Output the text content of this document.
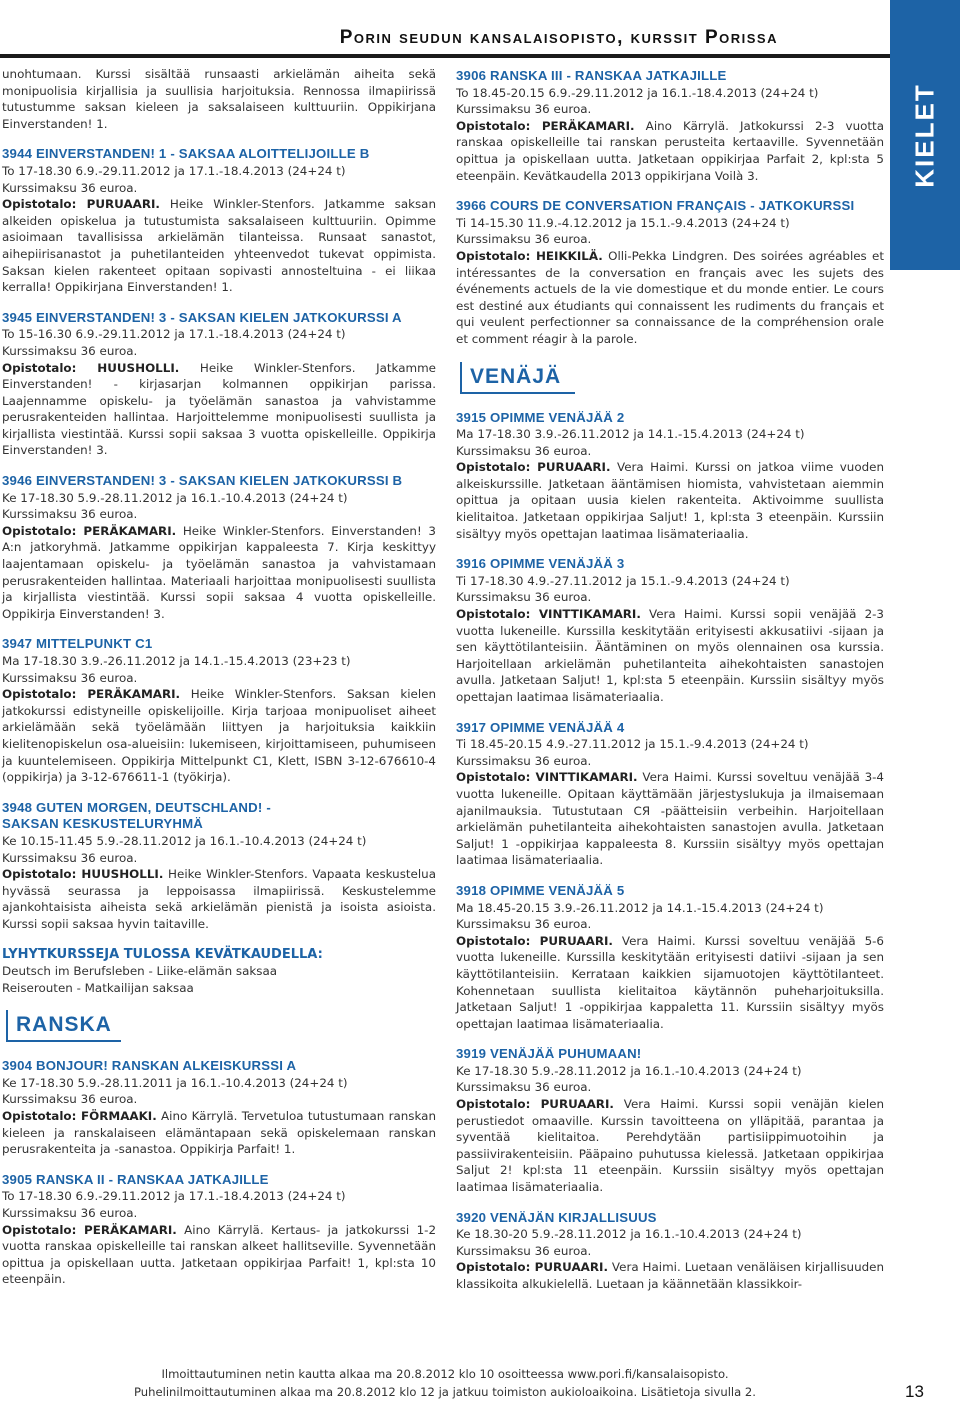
Porin seudun kansalaisopisto, kurssit Porissa
KIELET
unohtumaan. Kurssi sisältää runsaasti arkielämän aiheita sekä monipuolisia kirjallisia ja suullisia harjoituksia. Rennossa ilmapiirissä tutustumme saksan kieleen ja saksalaiseen kulttuuriin. Oppikirjana Einverstanden! 1.
3944 EINVERSTANDEN! 1 - SAKSAA ALOITTELIJOILLE B
To 17-18.30 6.9.-29.11.2012 ja 17.1.-18.4.2013 (24+24 t)
Kurssimaksu 36 euroa.
Opistotalo: PURUAARI. Heike Winkler-Stenfors. Jatkamme saksan alkeiden opiskelua ja tutustumista saksalaiseen kulttuuriin. Opimme asioimaan tavallisissa arkielämän tilanteissa. Runsaat sanastot, aihepiirisanastot ja puhetilanteiden yhteenvedot tukevat oppimista. Saksan kielen rakenteet opitaan sopivasti annosteltuina - ei liikaa kerralla! Oppikirjana Einverstanden! 1.
3945 EINVERSTANDEN! 3 - SAKSAN KIELEN JATKOKURSSI A
To 15-16.30 6.9.-29.11.2012 ja 17.1.-18.4.2013 (24+24 t)
Kurssimaksu 36 euroa.
Opistotalo: HUUSHOLLI. Heike Winkler-Stenfors. Jatkamme Einverstanden! - kirjasarjan kolmannen oppikirjan parissa. Laajennamme opiskelu- ja työelämän sanastoa ja vahvistamme perusrakenteiden hallintaa. Harjoittelemme monipuolisesti suullista ja kirjallista viestintää. Kurssi sopii saksaa 3 vuotta opiskelleille. Oppikirja Einverstanden! 3.
3946 EINVERSTANDEN! 3 - SAKSAN KIELEN JATKOKURSSI B
Ke 17-18.30 5.9.-28.11.2012 ja 16.1.-10.4.2013 (24+24 t)
Kurssimaksu 36 euroa.
Opistotalo: PERÄKAMARI. Heike Winkler-Stenfors. Einverstanden! 3 A:n jatkoryhmä. Jatkamme oppikirjan kappaleesta 7. Kirja keskittyy laajentamaan opiskelu- ja työelämän sanastoa ja vahvistamaan perusrakenteiden hallintaa. Materiaali harjoittaa monipuolisesti suullista ja kirjallista viestintää. Kurssi sopii saksaa 4 vuotta opiskelleille. Oppikirja Einverstanden! 3.
3947 MITTELPUNKT C1
Ma 17-18.30 3.9.-26.11.2012 ja 14.1.-15.4.2013 (23+23 t)
Kurssimaksu 36 euroa.
Opistotalo: PERÄKAMARI. Heike Winkler-Stenfors. Saksan kielen jatkokurssi edistyneille opiskelijoille. Kirja tarjoaa monipuoliset aiheet arkielämään sekä työelämään liittyen ja harjoituksia kaikkiin kielitenopiskelun osa-alueisiin: lukemiseen, kirjoittamiseen, puhumiseen ja kuuntelemiseen. Oppikirja Mittelpunkt C1, Klett, ISBN 3-12-676610-4 (oppikirja) ja 3-12-676611-1 (työkirja).
3948 GUTEN MORGEN, DEUTSCHLAND! -
SAKSAN KESKUSTELURYHMÄ
Ke 10.15-11.45 5.9.-28.11.2012 ja 16.1.-10.4.2013 (24+24 t)
Kurssimaksu 36 euroa.
Opistotalo: HUUSHOLLI. Heike Winkler-Stenfors. Vapaata keskustelua hyvässä seurassa ja leppoisassa ilmapiirissä. Keskustelemme ajankohtaisista aiheista sekä arkielämän pienistä ja isoista asioista. Kurssi sopii saksaa hyvin taitaville.
LYHYTKURSSEJA TULOSSA KEVÄTKAUDELLA:
Deutsch im Berufsleben - Liike-elämän saksaa
Reiserouten - Matkailijan saksaa
RANSKA
3904 BONJOUR! RANSKAN ALKEISKURSSI A
Ke 17-18.30 5.9.-28.11.2011 ja 16.1.-10.4.2013 (24+24 t)
Kurssimaksu 36 euroa.
Opistotalo: FÖRMAAKI. Aino Kärrylä. Tervetuloa tutustumaan ranskan kieleen ja ranskalaiseen elämäntapaan sekä opiskelemaan ranskan perusrakenteita ja -sanastoa. Oppikirja Parfait! 1.
3905 RANSKA II - RANSKAA JATKAJILLE
To 17-18.30 6.9.-29.11.2012 ja 17.1.-18.4.2013 (24+24 t)
Kurssimaksu 36 euroa.
Opistotalo: PERÄKAMARI. Aino Kärrylä. Kertaus- ja jatkokurssi 1-2 vuotta ranskaa opiskelleille tai ranskan alkeet hallitseville. Syvennetään opittua ja opiskellaan uutta. Jatketaan oppikirjaa Parfait! 1, kpl:sta 10 eteenpäin.
3906 RANSKA III - RANSKAA JATKAJILLE
To 18.45-20.15 6.9.-29.11.2012 ja 16.1.-18.4.2013 (24+24 t)
Kurssimaksu 36 euroa.
Opistotalo: PERÄKAMARI. Aino Kärrylä. Jatkokurssi 2-3 vuotta ranskaa opiskelleille tai ranskan perusteita kertaaville. Syvennetään opittua ja opiskellaan uutta. Jatketaan oppikirjaa Parfait 2, kpl:sta 5 eteenpäin. Kevätkaudella 2013 oppikirjana Voilà 3.
3966 COURS DE CONVERSATION FRANÇAIS - JATKOKURSSI
Ti 14-15.30 11.9.-4.12.2012 ja 15.1.-9.4.2013 (24+24 t)
Kurssimaksu 36 euroa.
Opistotalo: HEIKKILÄ. Olli-Pekka Lindgren. Des soirées agréables et intéressantes de la conversation en français avec les sujets des événements actuels de la vie domestique et du monde entier. Le cours est destiné aux étudiants qui connaissent les rudiments du français et qui veulent perfectionner sa connaissance de la compréhension orale et comment réagir à la parole.
VENÄJÄ
3915 OPIMME VENÄJÄÄ 2
Ma 17-18.30 3.9.-26.11.2012 ja 14.1.-15.4.2013 (24+24 t)
Kurssimaksu 36 euroa.
Opistotalo: PURUAARI. Vera Haimi. Kurssi on jatkoa viime vuoden alkeiskurssille. Jatketaan ääntämisen hiomista, vahvistetaan aiemmin opittua ja opitaan uusia kielen rakenteita. Aktivoimme suullista kielitaitoa. Jatketaan oppikirjaa Saljut! 1, kpl:sta 3 eteenpäin. Kurssiin sisältyy myös opettajan laatimaa lisämateriaalia.
3916 OPIMME VENÄJÄÄ 3
Ti 17-18.30 4.9.-27.11.2012 ja 15.1.-9.4.2013 (24+24 t)
Kurssimaksu 36 euroa.
Opistotalo: VINTTIKAMARI. Vera Haimi. Kurssi sopii venäjää 2-3 vuotta lukeneille. Kurssilla keskitytään erityisesti akkusatiivi -sijaan ja sen käyttötilanteisiin. Ääntäminen on myös olennainen osa kurssia. Harjoitellaan arkielämän puhetilanteita aihekohtaisten sanastojen avulla. Jatketaan Saljut! 1, kpl:sta 5 eteenpäin. Kurssiin sisältyy myös opettajan laatimaa lisämateriaalia.
3917 OPIMME VENÄJÄÄ 4
Ti 18.45-20.15 4.9.-27.11.2012 ja 15.1.-9.4.2013 (24+24 t)
Kurssimaksu 36 euroa.
Opistotalo: VINTTIKAMARI. Vera Haimi. Kurssi soveltuu venäjää 3-4 vuotta lukeneille. Opitaan käyttämään järjestyslukuja ja ilmaisemaan ajanilmauksia. Tutustutaan СЯ -päätteisiin verbeihin. Harjoitellaan arkielämän puhetilanteita aihekohtaisten sanastojen avulla. Jatketaan Saljut! 1 -oppikirjaa kappaleesta 8. Kurssiin sisältyy myös opettajan laatimaa lisämateriaalia.
3918 OPIMME VENÄJÄÄ 5
Ma 18.45-20.15 3.9.-26.11.2012 ja 14.1.-15.4.2013 (24+24 t)
Kurssimaksu 36 euroa.
Opistotalo: PURUAARI. Vera Haimi. Kurssi soveltuu venäjää 5-6 vuotta lukeneille. Kurssilla keskitytään erityisesti datiivi -sijaan ja sen käyttötilanteisiin. Kerrataan kaikkien sijamuotojen käyttötilanteet. Kohennetaan suullista kielitaitoa käytännön puheharjoituksilla. Jatketaan Saljut! 1 -oppikirjaa kappaletta 11. Kurssiin sisältyy myös opettajan laatimaa lisämateriaalia.
3919 VENÄJÄÄ PUHUMAAN!
Ke 17-18.30 5.9.-28.11.2012 ja 16.1.-10.4.2013 (24+24 t)
Kurssimaksu 36 euroa.
Opistotalo: PURUAARI. Vera Haimi. Kurssi sopii venäjän kielen perustiedot omaaville. Kurssin tavoitteena on ylläpitää, parantaa ja syventää kielitaitoa. Perehdytään partisiippimuotoihin ja passiivirakenteisiin. Pääpaino puhutussa kielessä. Jatketaan oppikirjaa Saljut 2! kpl:sta 11 eteenpäin. Kurssiin sisältyy myös opettajan laatimaa lisämateriaalia.
3920 VENÄJÄN KIRJALLISUUS
Ke 18.30-20 5.9.-28.11.2012 ja 16.1.-10.4.2013 (24+24 t)
Kurssimaksu 36 euroa.
Opistotalo: PURUAARI. Vera Haimi. Luetaan venäläisen kirjallisuuden klassikoita alkukielellä. Luetaan ja käännetään klassikkoir-
Ilmoittautuminen netin kautta alkaa ma 20.8.2012 klo 10 osoitteessa www.pori.fi/kansalaisopisto.
Puhelinilmoittautuminen alkaa ma 20.8.2012 klo 12 ja jatkuu toimiston aukioloaikoina. Lisätietoja sivulla 2.	13
